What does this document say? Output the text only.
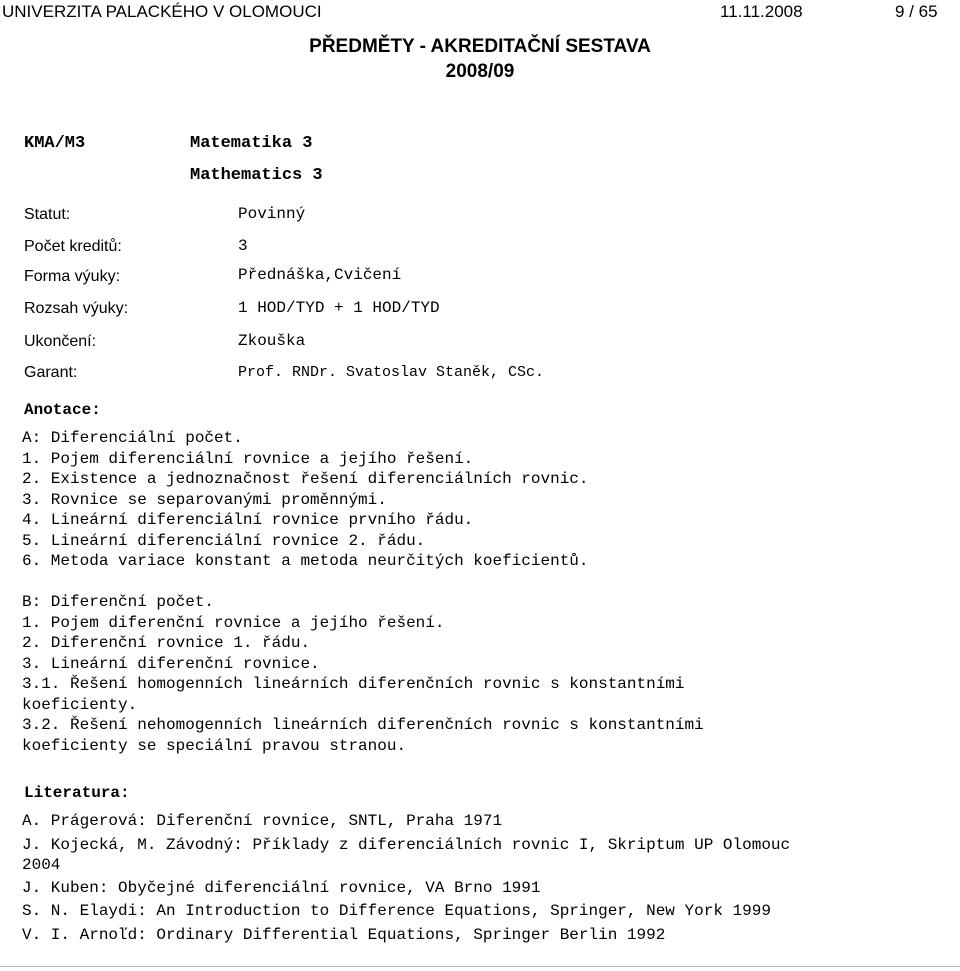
UNIVERZITA PALACKÉHO V OLOMOUCI	11.11.2008	9 / 65
PŘEDMĚTY - AKREDITAČNÍ SESTAVA
2008/09
KMA/M3	Matematika 3
Mathematics 3
Statut:	Povinný
Počet kreditů:	3
Forma výuky:	Přednáška,Cvičení
Rozsah výuky:	1 HOD/TYD + 1 HOD/TYD
Ukončení:	Zkouška
Garant:	Prof. RNDr. Svatoslav Staněk, CSc.
Anotace:
A: Diferenciální počet.
1. Pojem diferenciální rovnice a jejího řešení.
2. Existence a jednoznačnost řešení diferenciálních rovnic.
3. Rovnice se separovanými proměnnými.
4. Lineární diferenciální rovnice prvního řádu.
5. Lineární diferenciální rovnice 2. řádu.
6. Metoda variace konstant a metoda neurčitých koeficientů.
B: Diferenční počet.
1. Pojem diferenční rovnice a jejího řešení.
2. Diferenční rovnice 1. řádu.
3. Lineární diferenční rovnice.
3.1. Řešení homogenních lineárních diferenčních rovnic s konstantními
koeficienty.
3.2. Řešení nehomogenních lineárních diferenčních rovnic s konstantními
koeficienty se speciální pravou stranou.
Literatura:
A. Prágerová: Diferenční rovnice, SNTL, Praha 1971
J. Kojecká, M. Závodný: Příklady z diferenciálních rovnic I, Skriptum UP Olomouc
2004
J. Kuben: Obyčejné diferenciální rovnice, VA Brno 1991
S. N. Elaydi: An Introduction to Difference Equations, Springer, New York 1999
V. I. Arnoľd: Ordinary Differential Equations, Springer Berlin 1992
